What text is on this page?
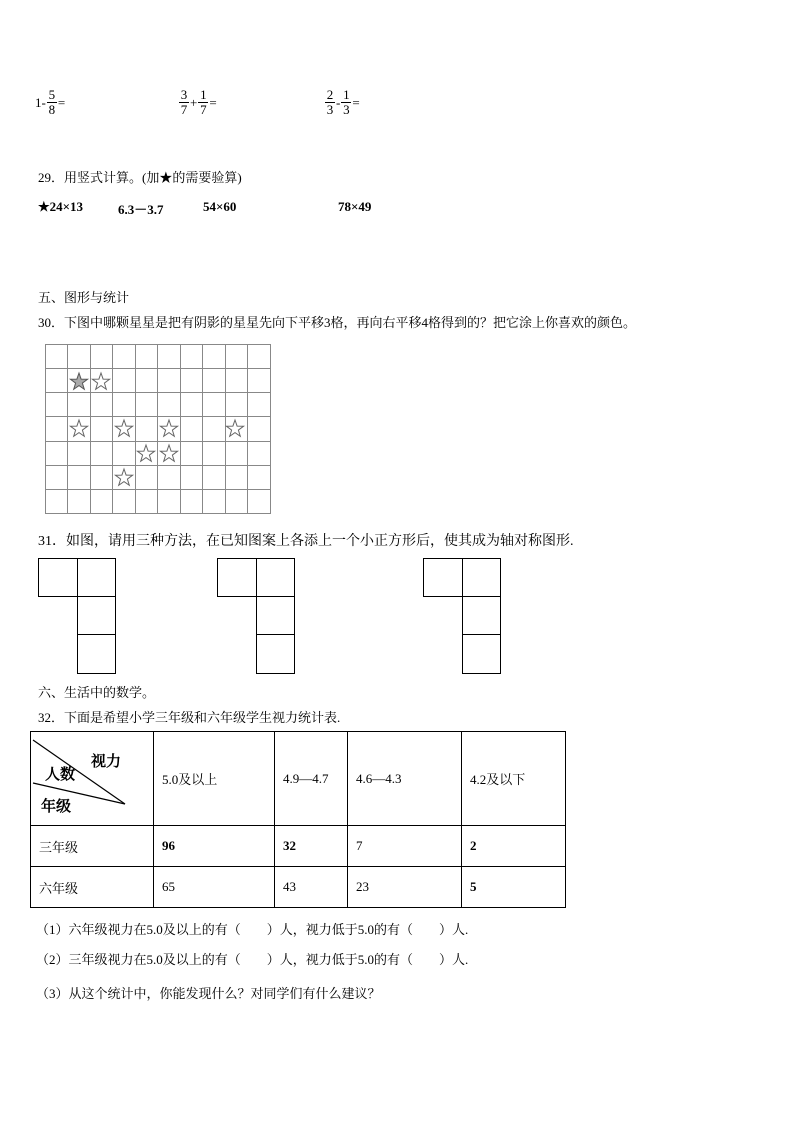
1 - 5
8 =	3
7 + 1
7 =	2
3 - 1
3 =
29．用竖式计算。(加★的需要验算)
★24×13	6.3－3.7	54×60	78×49
五、图形与统计
30．下图中哪颗星星是把有阴影的星星先向下平移3格，再向右平移4格得到的？把它涂上你喜欢的颜色。
31．如图，请用三种方法，在已知图案上各添上一个小正方形后，使其成为轴对称图形.
六、生活中的数学。
32．下面是希望小学三年级和六年级学生视力统计表.
视力
人数
年级	5.0及以上	4.9—4.7	4.6—4.3	4.2及以下
三年级	96	32	7	2
六年级	65	43	23	5
（1）六年级视力在5.0及以上的有（　　）人，视力低于5.0的有（　　）人.
（2）三年级视力在5.0及以上的有（　　）人，视力低于5.0的有（　　）人.
（3）从这个统计中，你能发现什么？对同学们有什么建议？
